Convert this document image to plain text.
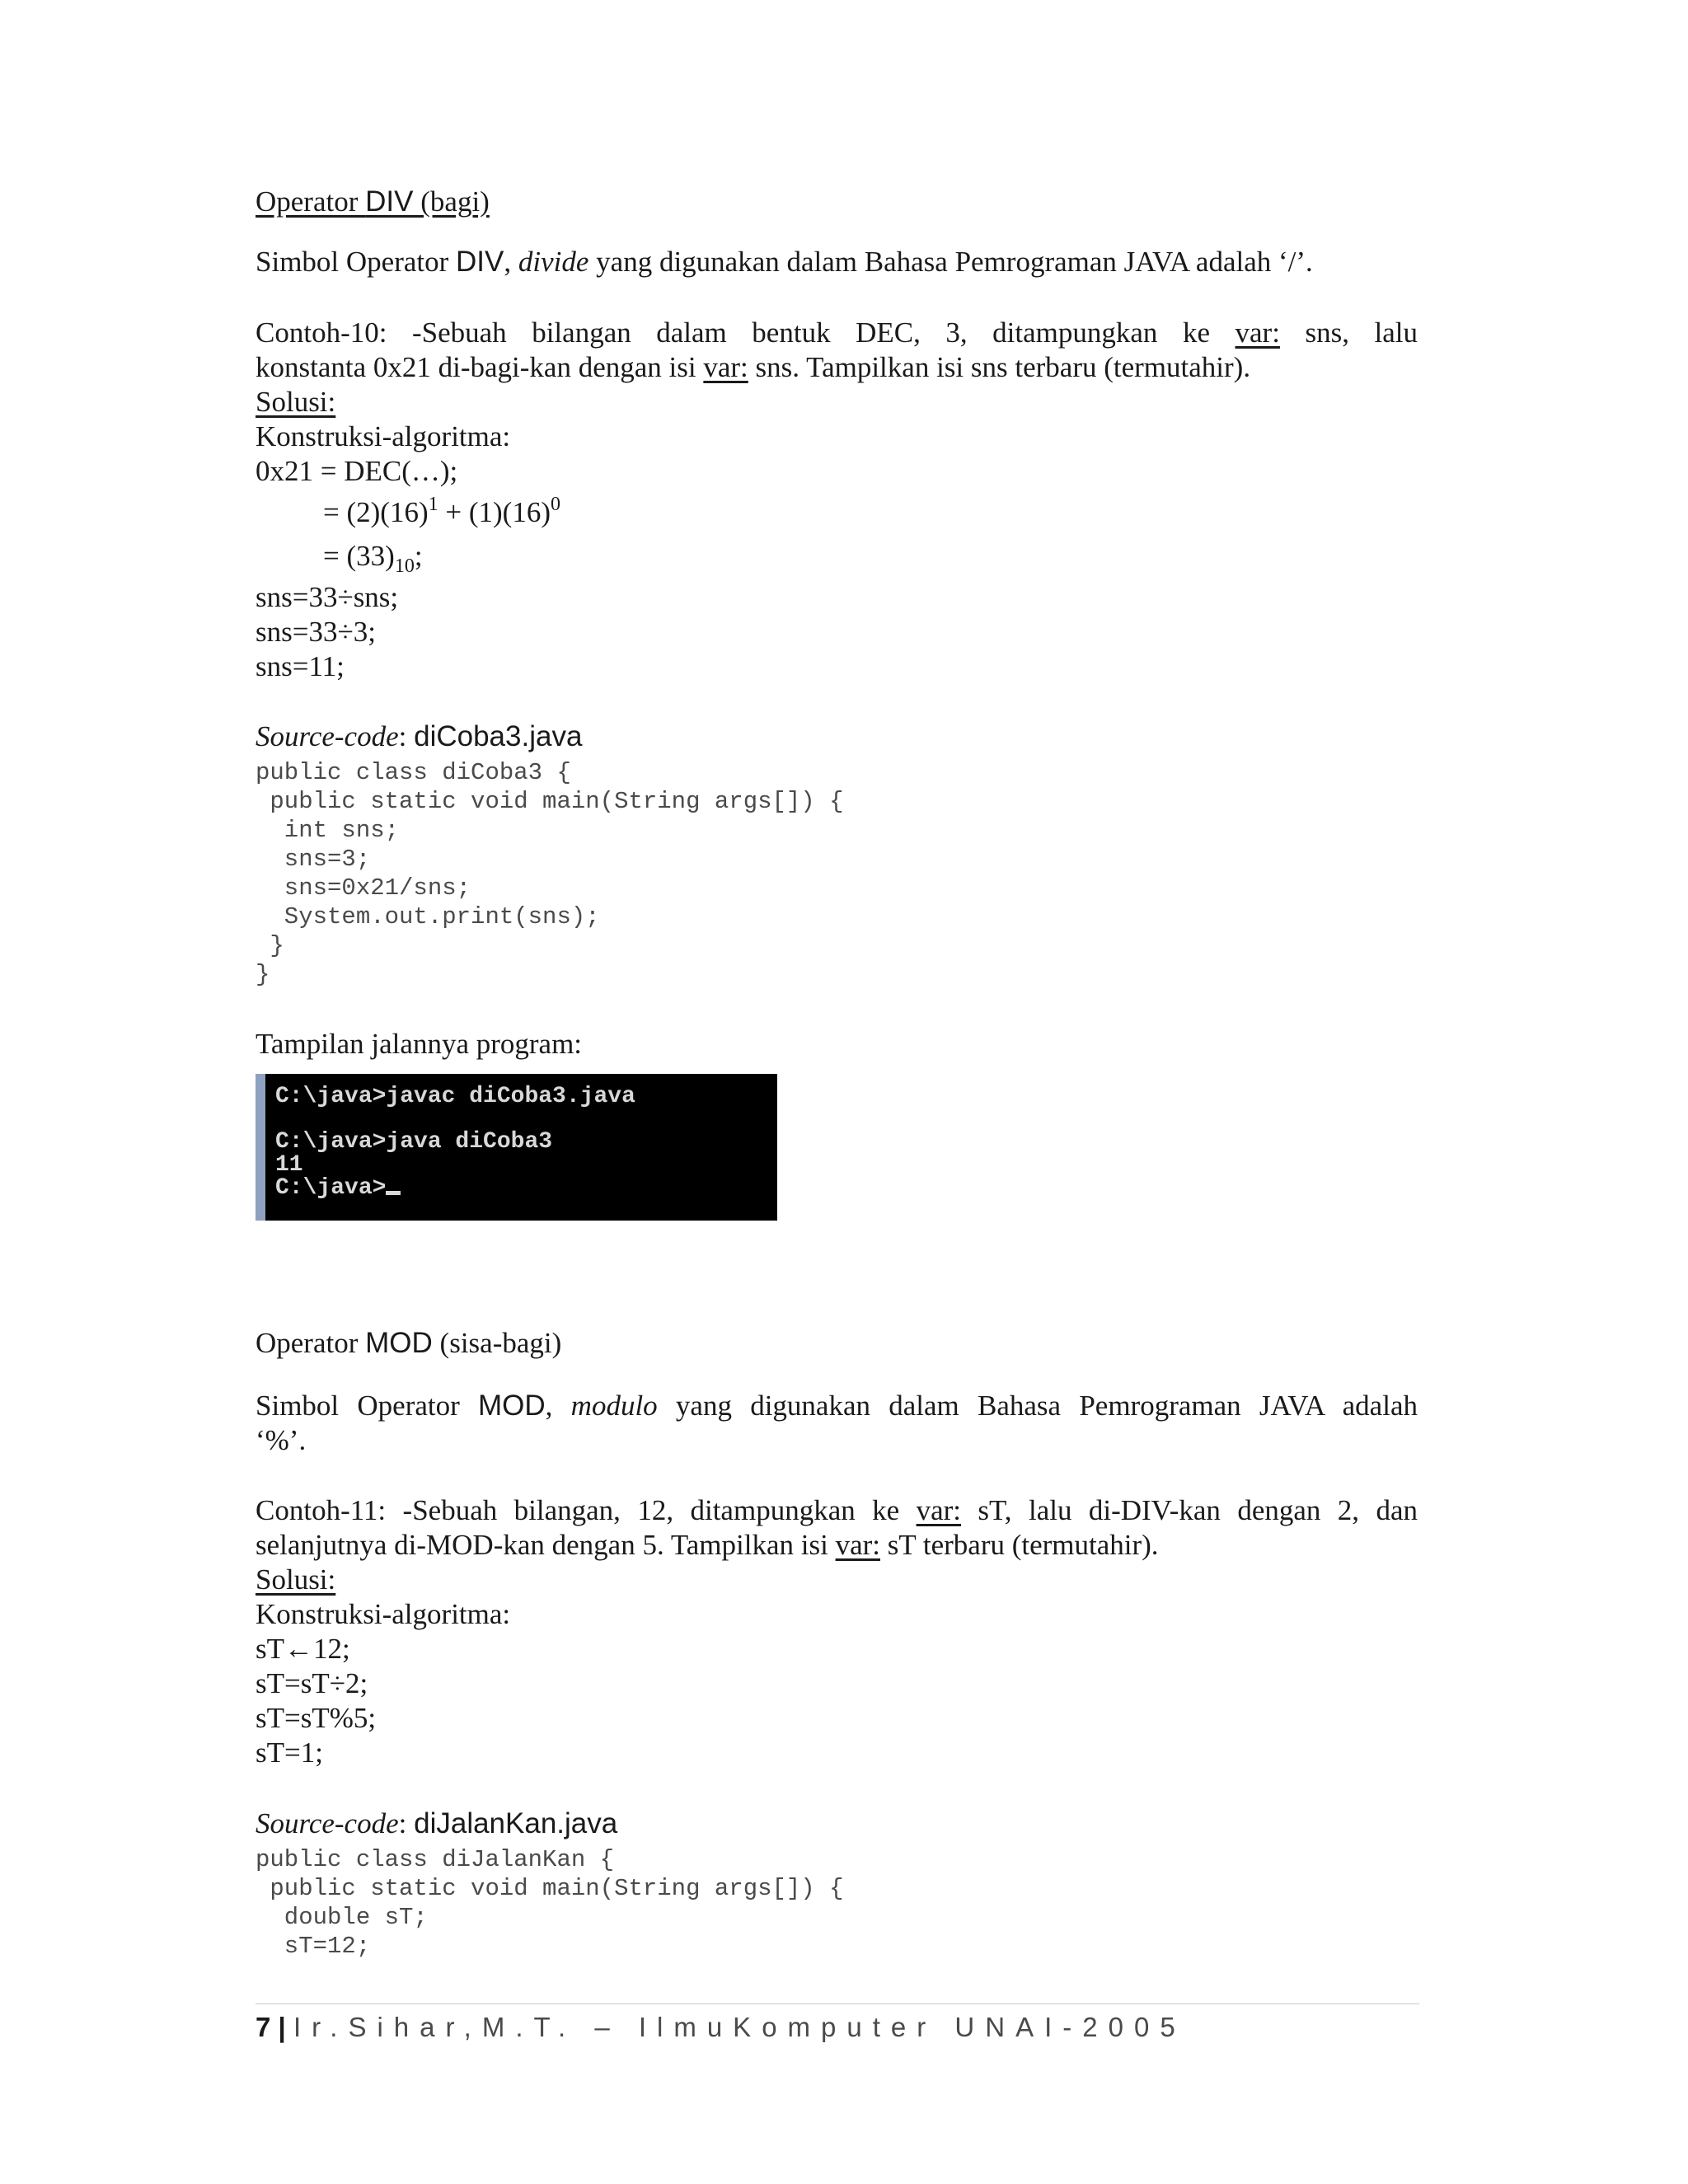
Operator DIV (bagi)
Simbol Operator DIV, divide yang digunakan dalam Bahasa Pemrograman JAVA adalah ‘/’.
Contoh-10: -Sebuah bilangan dalam bentuk DEC, 3, ditampungkan ke var: sns, lalu
konstanta 0x21 di-bagi-kan dengan isi var: sns. Tampilkan isi sns terbaru (termutahir).
Solusi:
Konstruksi-algoritma:
0x21 = DEC(…);
= $(2)(16)^1 + (1)(16)^0$
= $(33)_{10}$;
sns=33÷sns;
sns=33÷3;
sns=11;
Source-code: diCoba3.java
public class diCoba3 {
public static void main(String args[]) {
int sns;
sns=3;
sns=0x21/sns;
System.out.print(sns);
}
}
Tampilan jalannya program:
C:\java>javac diCoba3.java
C:\java>java diCoba3
11
C:\java>
Operator MOD (sisa-bagi)
Simbol Operator MOD, modulo yang digunakan dalam Bahasa Pemrograman JAVA adalah
‘%’.
Contoh-11: -Sebuah bilangan, 12, ditampungkan ke var: sT, lalu di-DIV-kan dengan 2, dan
selanjutnya di-MOD-kan dengan 5. Tampilkan isi var: sT terbaru (termutahir).
Solusi:
Konstruksi-algoritma:
sT←12;
sT=sT÷2;
sT=sT%5;
sT=1;
Source-code: diJalanKan.java
public class diJalanKan {
public static void main(String args[]) {
double sT;
sT=12;
7 | Ir.Sihar,M.T. – IlmuKomputer UNAI-2005
